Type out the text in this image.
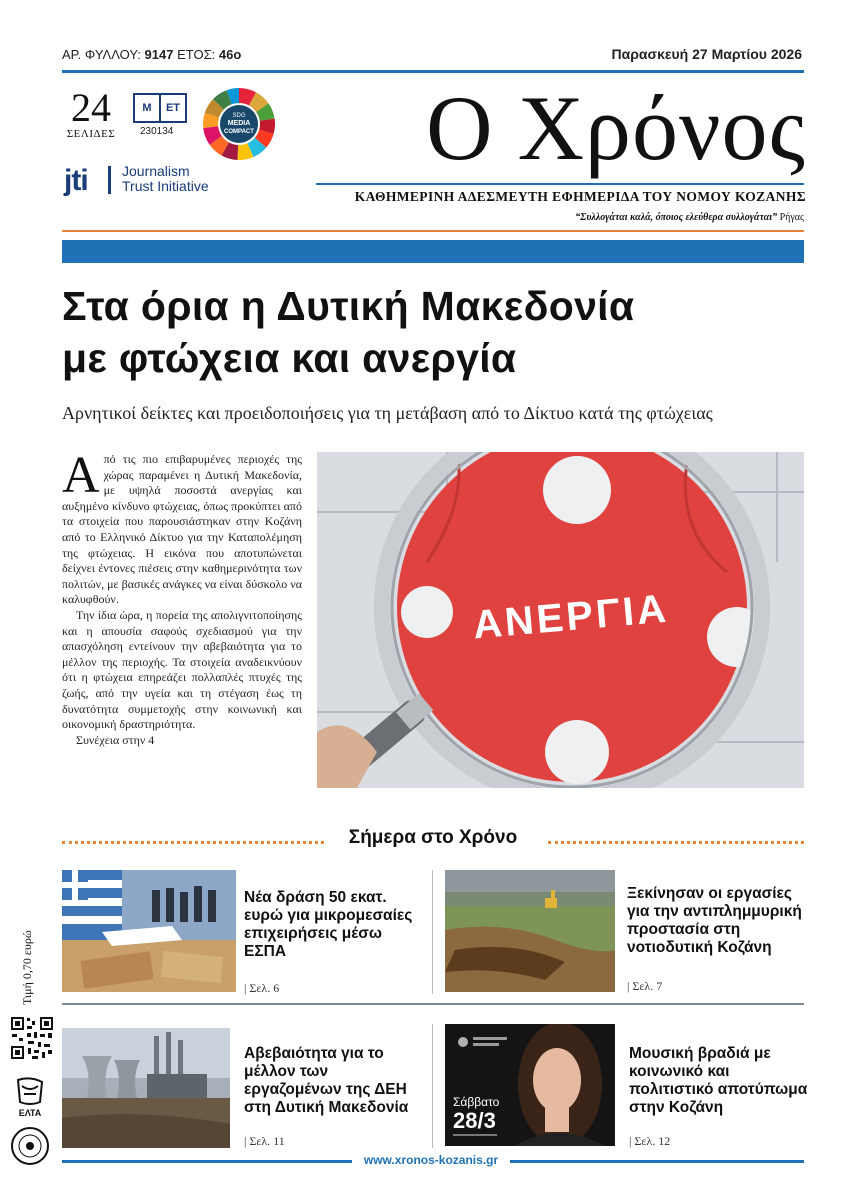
ΑΡ. ΦΥΛΛΟΥ: 9147 ΕΤΟΣ: 46ο	Παρασκευή 27 Μαρτίου 2026
24
ΣΕΛΙΔΕΣ
Μ	ΕΤ
230134
SDG
MEDIA
COMPACT
jti Journalism
Trust Initiative
Ο Χρόνος
ΚΑΘΗΜΕΡΙΝΗ ΑΔΕΣΜΕΥΤΗ ΕΦΗΜΕΡΙΔΑ ΤΟΥ ΝΟΜΟΥ ΚΟΖΑΝΗΣ
“Συλλογάται καλά, όποιος ελεύθερα συλλογάται” Ρήγας
Στα όρια η Δυτική Μακεδονία
με φτώχεια και ανεργία
Αρνητικοί δείκτες και προειδοποιήσεις για τη μετάβαση από το Δίκτυο κατά της φτώχειας

Από τις πιο επιβαρυμένες περιοχές της χώρας παραμένει η Δυτική Μακεδονία, με υψηλά ποσοστά ανεργίας και αυξημένο κίνδυνο φτώχειας, όπως προκύπτει από τα στοιχεία που παρουσιάστηκαν στην Κοζάνη από το Ελληνικό Δίκτυο για την Καταπολέμηση της φτώχειας. Η εικόνα που αποτυπώνεται δείχνει έντονες πιέσεις στην καθημερινότητα των πολιτών, με βασικές ανάγκες να είναι δύσκολο να καλυφθούν.

Την ίδια ώρα, η πορεία της απολιγνιτοποίησης και η απουσία σαφούς σχεδιασμού για την απασχόληση εντείνουν την αβεβαιότητα για το μέλλον της περιοχής. Τα στοιχεία αναδεικνύουν ότι η φτώχεια επηρεάζει πολλαπλές πτυχές της ζωής, από την υγεία και τη στέγαση έως τη δυνατότητα συμμετοχής στην κοινωνική και οικονομική δραστηριότητα.

Συνέχεια στην 4

ΑΝΕΡΓΙΑ
Σήμερα στο Χρόνο
Νέα δράση 50 εκατ. ευρώ για μικρομεσαίες επιχειρήσεις μέσω ΕΣΠΑ
| Σελ. 6
Ξεκίνησαν οι εργασίες για την αντιπλημμυρική προστασία στη νοτιοδυτική Κοζάνη
| Σελ. 7
Αβεβαιότητα για το μέλλον των εργαζομένων της ΔΕΗ στη Δυτική Μακεδονία
| Σελ. 11
Σάββατο
28/3
Μουσική βραδιά με κοινωνικό και πολιτιστικό αποτύπωμα στην Κοζάνη
| Σελ. 12
Τιμή 0,70 ευρώ
ΕΛΤΑ
www.xronos-kozanis.gr
